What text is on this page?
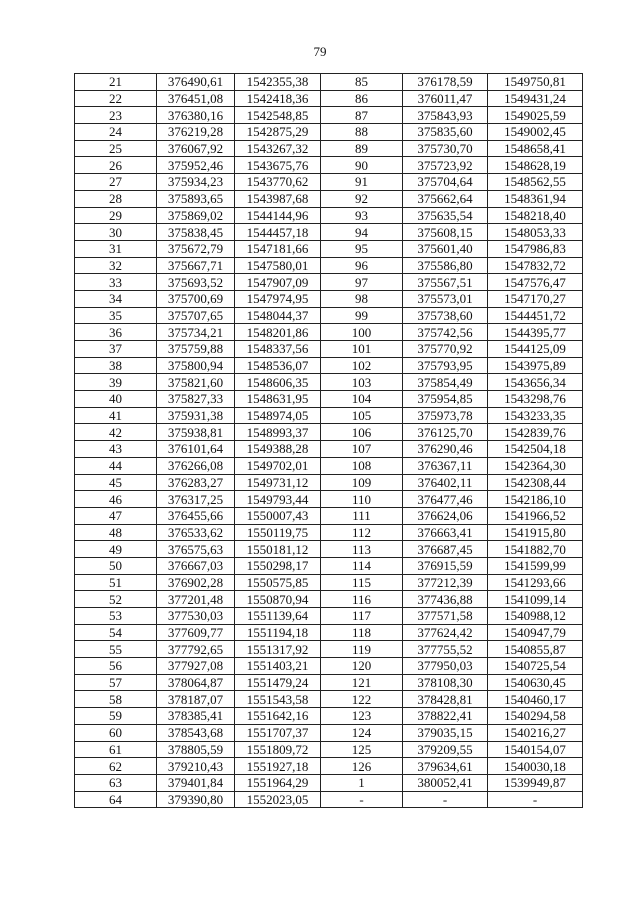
79
21	376490,61	1542355,38	85	376178,59	1549750,81
22	376451,08	1542418,36	86	376011,47	1549431,24
23	376380,16	1542548,85	87	375843,93	1549025,59
24	376219,28	1542875,29	88	375835,60	1549002,45
25	376067,92	1543267,32	89	375730,70	1548658,41
26	375952,46	1543675,76	90	375723,92	1548628,19
27	375934,23	1543770,62	91	375704,64	1548562,55
28	375893,65	1543987,68	92	375662,64	1548361,94
29	375869,02	1544144,96	93	375635,54	1548218,40
30	375838,45	1544457,18	94	375608,15	1548053,33
31	375672,79	1547181,66	95	375601,40	1547986,83
32	375667,71	1547580,01	96	375586,80	1547832,72
33	375693,52	1547907,09	97	375567,51	1547576,47
34	375700,69	1547974,95	98	375573,01	1547170,27
35	375707,65	1548044,37	99	375738,60	1544451,72
36	375734,21	1548201,86	100	375742,56	1544395,77
37	375759,88	1548337,56	101	375770,92	1544125,09
38	375800,94	1548536,07	102	375793,95	1543975,89
39	375821,60	1548606,35	103	375854,49	1543656,34
40	375827,33	1548631,95	104	375954,85	1543298,76
41	375931,38	1548974,05	105	375973,78	1543233,35
42	375938,81	1548993,37	106	376125,70	1542839,76
43	376101,64	1549388,28	107	376290,46	1542504,18
44	376266,08	1549702,01	108	376367,11	1542364,30
45	376283,27	1549731,12	109	376402,11	1542308,44
46	376317,25	1549793,44	110	376477,46	1542186,10
47	376455,66	1550007,43	111	376624,06	1541966,52
48	376533,62	1550119,75	112	376663,41	1541915,80
49	376575,63	1550181,12	113	376687,45	1541882,70
50	376667,03	1550298,17	114	376915,59	1541599,99
51	376902,28	1550575,85	115	377212,39	1541293,66
52	377201,48	1550870,94	116	377436,88	1541099,14
53	377530,03	1551139,64	117	377571,58	1540988,12
54	377609,77	1551194,18	118	377624,42	1540947,79
55	377792,65	1551317,92	119	377755,52	1540855,87
56	377927,08	1551403,21	120	377950,03	1540725,54
57	378064,87	1551479,24	121	378108,30	1540630,45
58	378187,07	1551543,58	122	378428,81	1540460,17
59	378385,41	1551642,16	123	378822,41	1540294,58
60	378543,68	1551707,37	124	379035,15	1540216,27
61	378805,59	1551809,72	125	379209,55	1540154,07
62	379210,43	1551927,18	126	379634,61	1540030,18
63	379401,84	1551964,29	1	380052,41	1539949,87
64	379390,80	1552023,05	-	-	-
